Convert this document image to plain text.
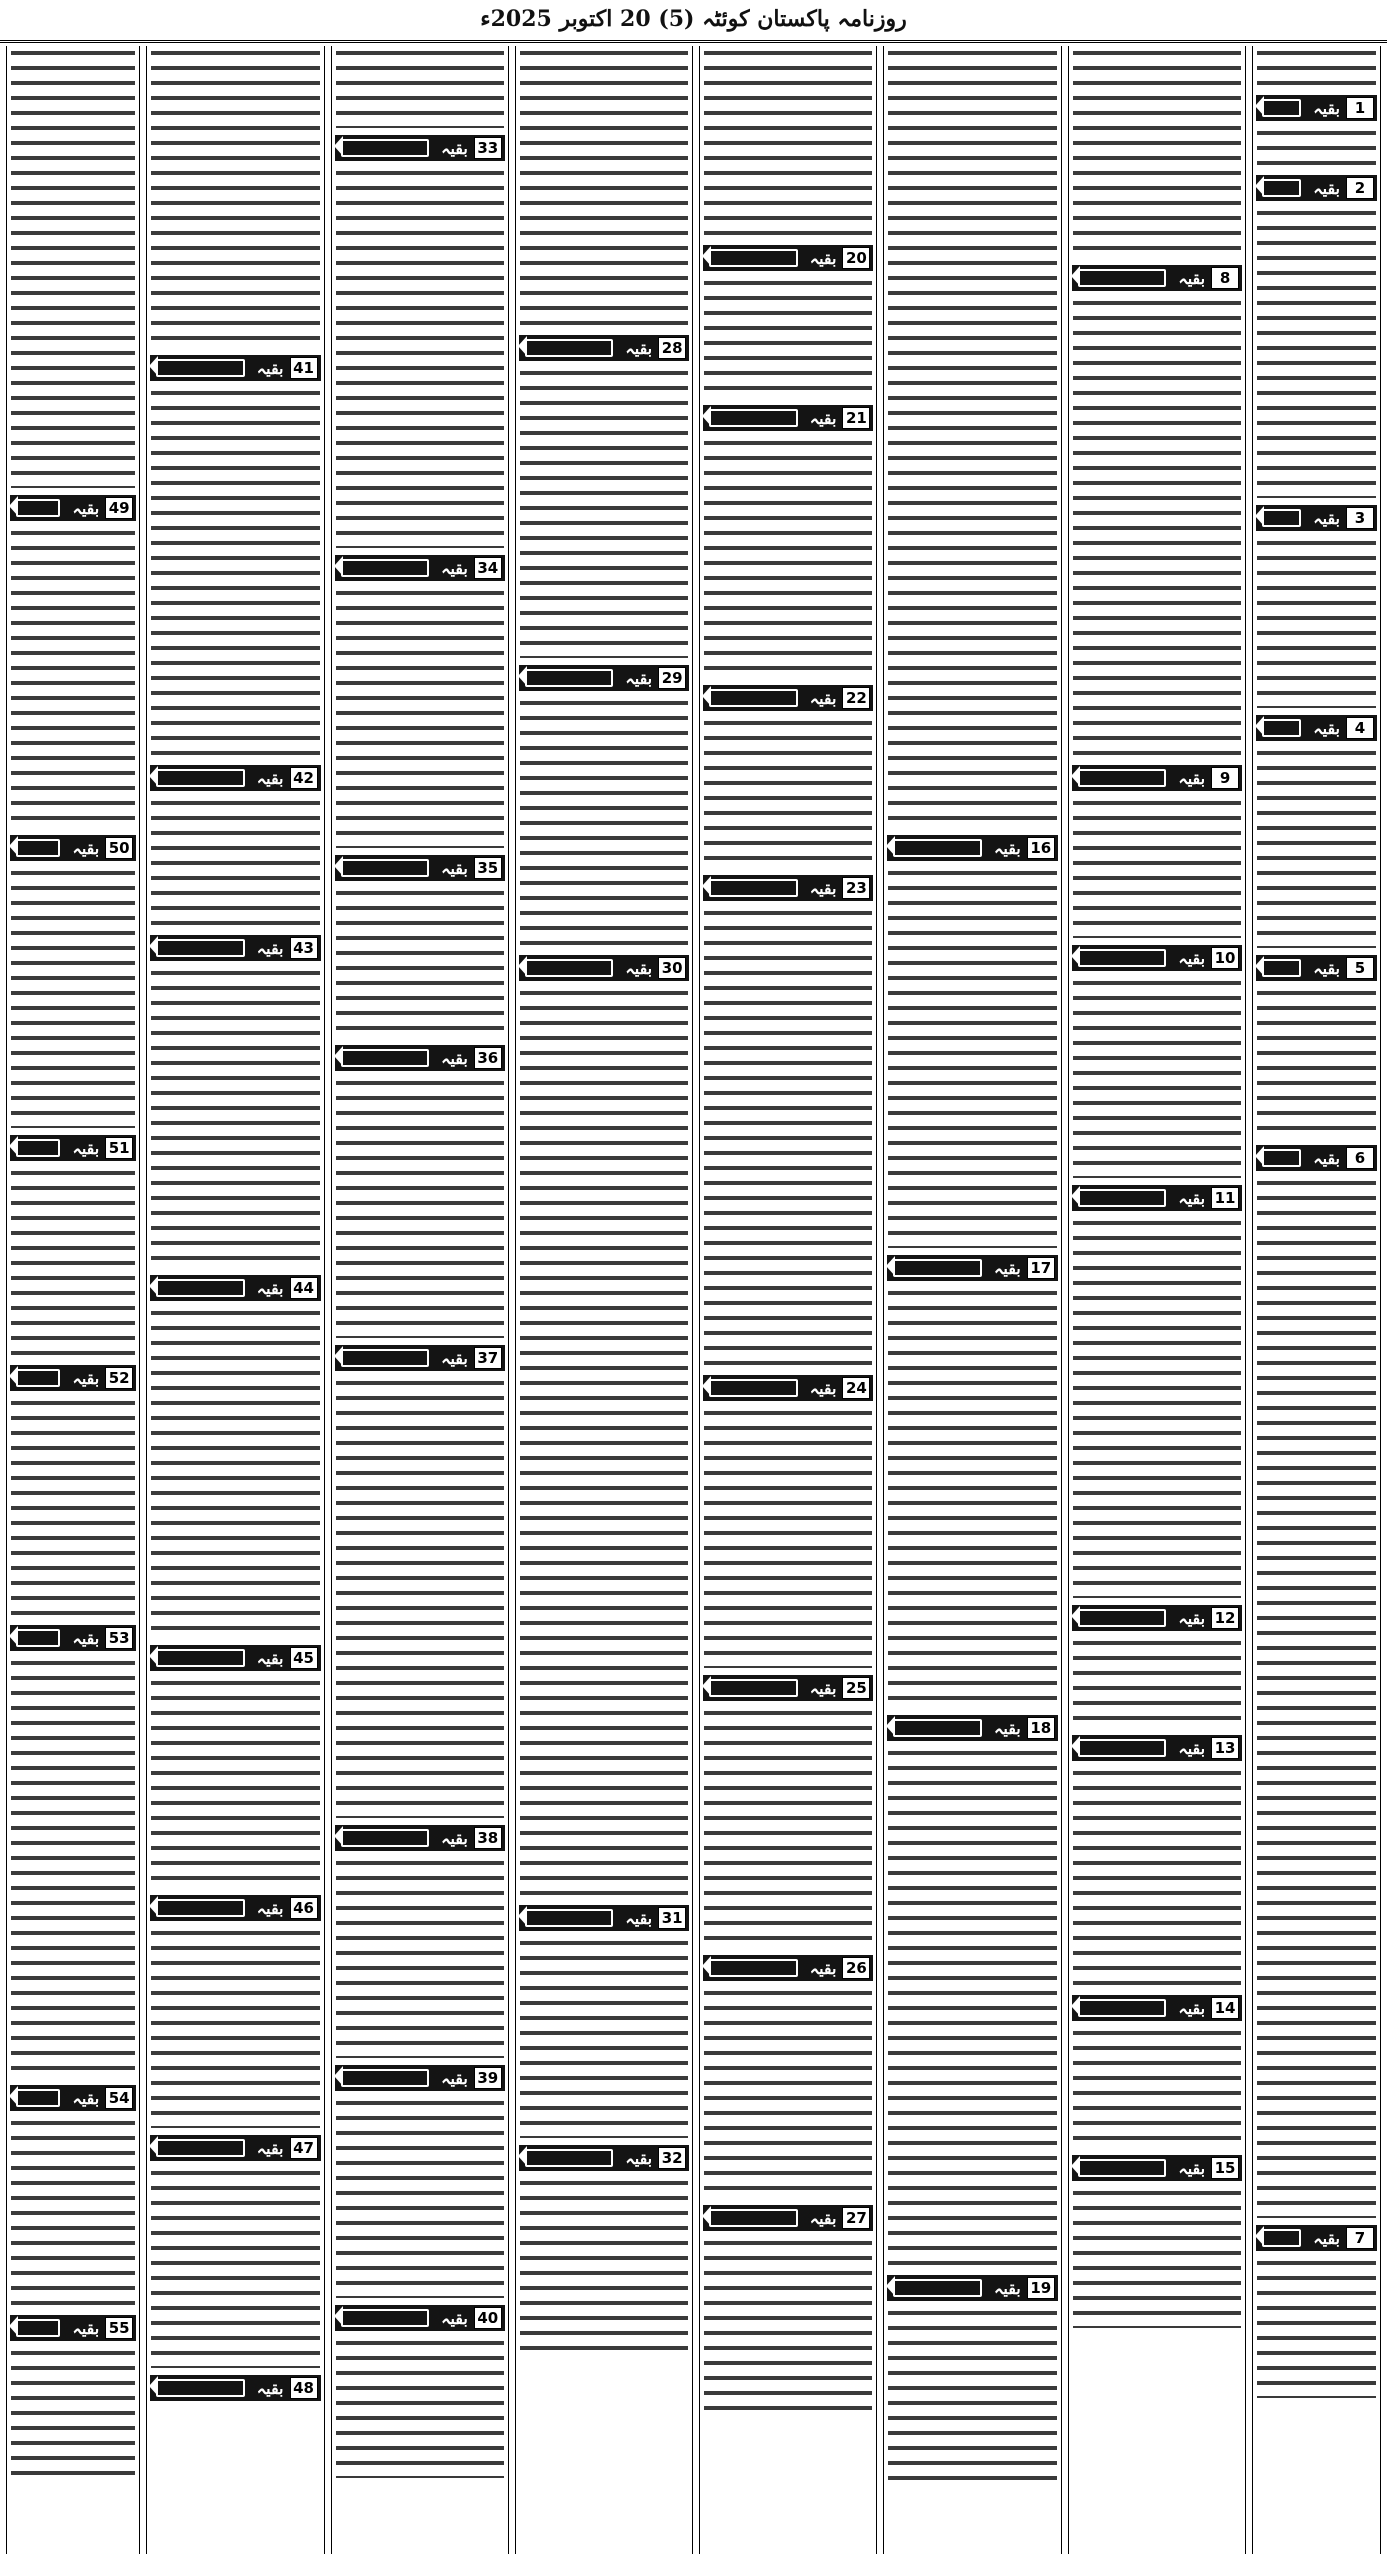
روزنامہ پاکستان کوئٹہ (5) 20 اکتوبر 2025ء
بقیہ 1
بقیہ 2
بقیہ 3
بقیہ 4
بقیہ 5
بقیہ 6
بقیہ 7
بقیہ 8
بقیہ 9
بقیہ 10
بقیہ 11
بقیہ 12
بقیہ 13
بقیہ 14
بقیہ 15
بقیہ 16
بقیہ 17
بقیہ 18
بقیہ 19
بقیہ 20
بقیہ 21
بقیہ 22
بقیہ 23
بقیہ 24
بقیہ 25
بقیہ 26
بقیہ 27
بقیہ 28
بقیہ 29
بقیہ 30
بقیہ 31
بقیہ 32
بقیہ 33
بقیہ 34
بقیہ 35
بقیہ 36
بقیہ 37
بقیہ 38
بقیہ 39
بقیہ 40
بقیہ 41
بقیہ 42
بقیہ 43
بقیہ 44
بقیہ 45
بقیہ 46
بقیہ 47
بقیہ 48
بقیہ 49
بقیہ 50
بقیہ 51
بقیہ 52
بقیہ 53
بقیہ 54
بقیہ 55
